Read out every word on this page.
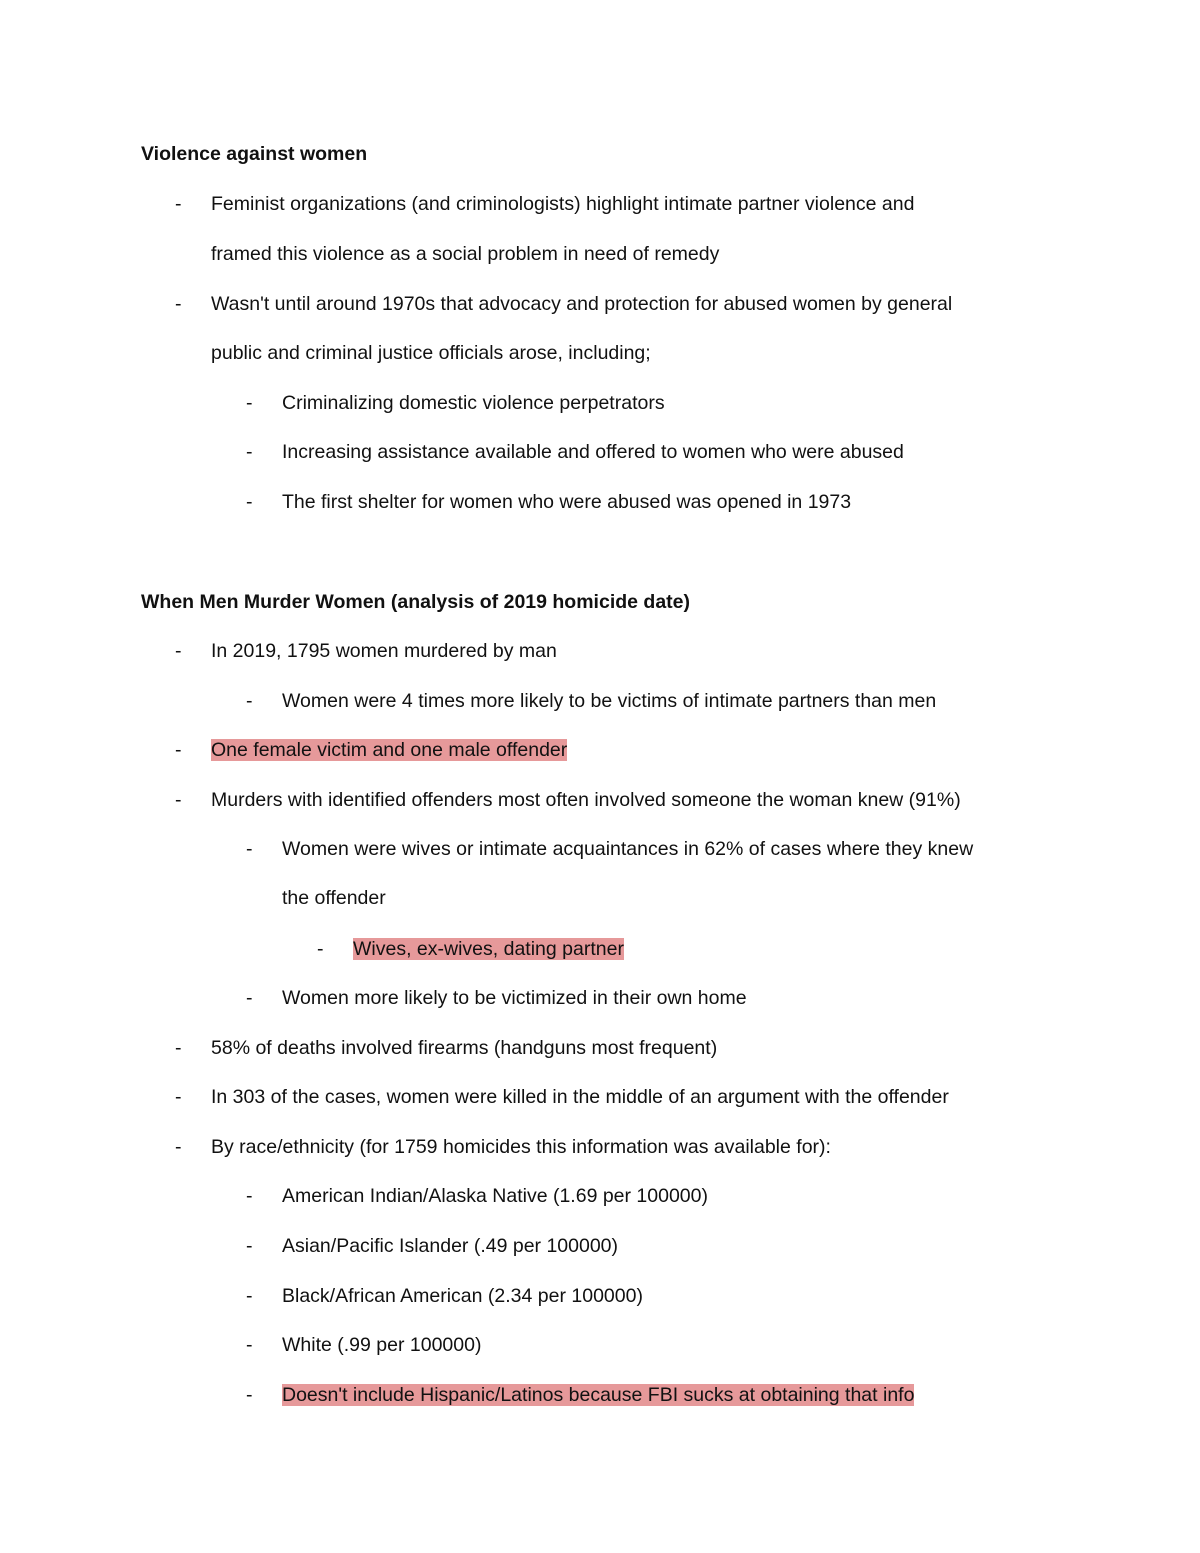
Violence against women
- Feminist organizations (and criminologists) highlight intimate partner violence and
framed this violence as a social problem in need of remedy
- Wasn't until around 1970s that advocacy and protection for abused women by general
public and criminal justice officials arose, including;
- Criminalizing domestic violence perpetrators
- Increasing assistance available and offered to women who were abused
- The first shelter for women who were abused was opened in 1973
When Men Murder Women (analysis of 2019 homicide date)
- In 2019, 1795 women murdered by man
- Women were 4 times more likely to be victims of intimate partners than men
- One female victim and one male offender
- Murders with identified offenders most often involved someone the woman knew (91%)
- Women were wives or intimate acquaintances in 62% of cases where they knew
the offender
- Wives, ex-wives, dating partner
- Women more likely to be victimized in their own home
- 58% of deaths involved firearms (handguns most frequent)
- In 303 of the cases, women were killed in the middle of an argument with the offender
- By race/ethnicity (for 1759 homicides this information was available for):
- American Indian/Alaska Native (1.69 per 100000)
- Asian/Pacific Islander (.49 per 100000)
- Black/African American (2.34 per 100000)
- White (.99 per 100000)
- Doesn't include Hispanic/Latinos because FBI sucks at obtaining that info
